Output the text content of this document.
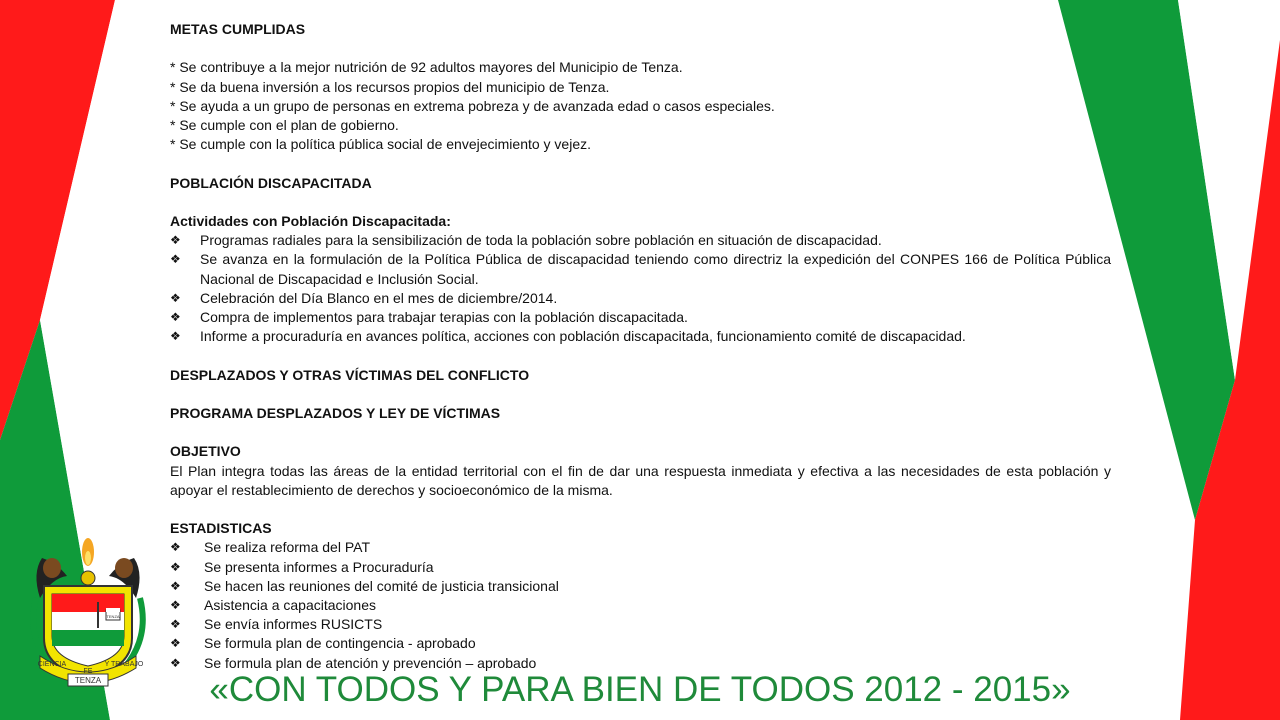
TENZA
CIENCIA
FE
Y TRABAJO
TENZA
METAS CUMPLIDAS
* Se contribuye a la mejor nutrición de 92 adultos mayores del Municipio de Tenza.
* Se da buena inversión a los recursos propios del municipio de Tenza.
* Se ayuda a un grupo de personas en extrema pobreza y de avanzada edad o casos especiales.
* Se cumple con el plan de gobierno.
* Se cumple con la política pública social de envejecimiento y vejez.
POBLACIÓN DISCAPACITADA
Actividades con Población Discapacitada:
❖ Programas radiales para la sensibilización de toda la población sobre población en situación de discapacidad.
❖ Se avanza en la formulación de la Política Pública de discapacidad teniendo como directriz la expedición del CONPES 166 de Política Pública Nacional de Discapacidad e Inclusión Social.
❖ Celebración del Día Blanco en el mes de diciembre/2014.
❖ Compra de implementos para trabajar terapias con la población discapacitada.
❖ Informe a procuraduría en avances política, acciones con población discapacitada, funcionamiento comité de discapacidad.
DESPLAZADOS Y OTRAS VÍCTIMAS DEL CONFLICTO
PROGRAMA DESPLAZADOS Y LEY DE VÍCTIMAS
OBJETIVO
El Plan integra todas las áreas de la entidad territorial con el fin de dar una respuesta inmediata y efectiva a las necesidades de esta población y apoyar el restablecimiento de derechos y socioeconómico de la misma.
ESTADISTICAS
❖ Se realiza reforma del PAT
❖ Se presenta informes a Procuraduría
❖ Se hacen las reuniones del comité de justicia transicional
❖ Asistencia a capacitaciones
❖ Se envía informes RUSICTS
❖ Se formula plan de contingencia - aprobado
❖ Se formula plan de atención y prevención – aprobado
«CON TODOS Y PARA BIEN DE TODOS 2012 - 2015»
